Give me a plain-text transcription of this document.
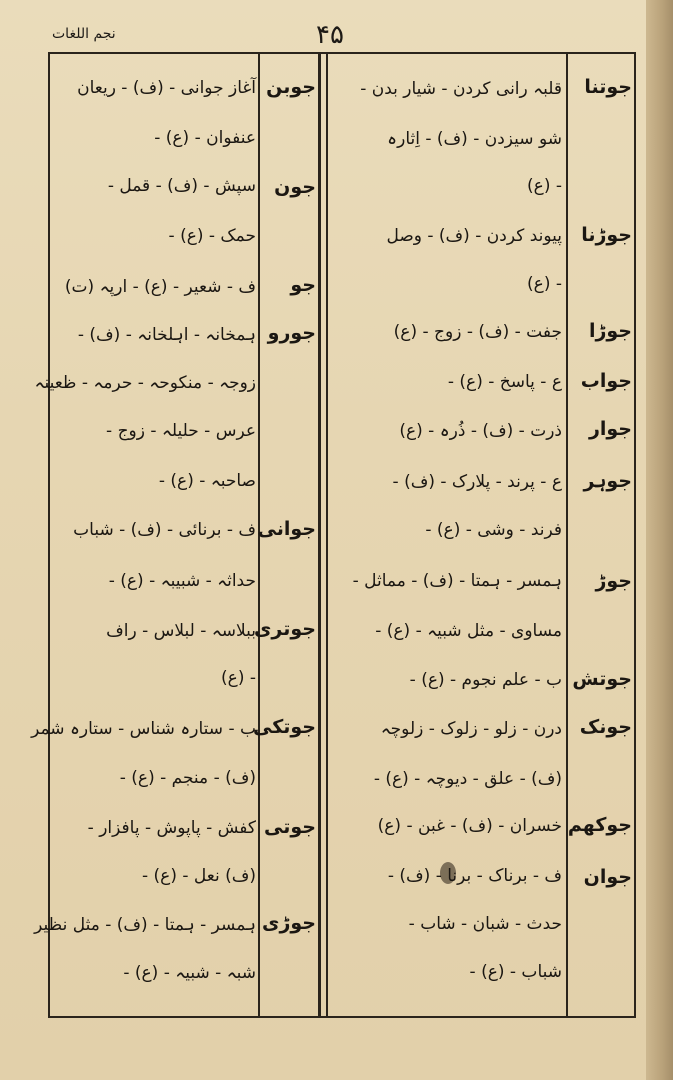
نجم اللغات	۴۵
جوتنا
قلبہ رانی کردن - شیار بدن -
شو سیزدن - (ف) - اِثارہ
- (ع)
جوڑنا
پیوند کردن - (ف) - وصل
- (ع)
جوڑا
جفت - (ف) - زوج - (ع)
جواب
ع - پاسخ - (ع) -
جوار
ذرت - (ف) - ذُرہ - (ع)
جوہر
ع - پرند - پلارک - (ف) -
فرند - وشی - (ع) -
جوڑ
ہمسر - ہمتا - (ف) - مماثل -
مساوی - مثل شبیہ - (ع) -
جوتش
ب - علم نجوم - (ع) -
جونک
درن - زلو - زلوک - زلوچہ
(ف) - علق - دیوچہ - (ع) -
جوکھم
خسران - (ف) - غبن - (ع)
جوان
ف - برناک - برنا - (ف) -
حدث - شبان - شاب -
شباب - (ع) -
جوبن
آغاز جوانی - (ف) - ریعان
عنفوان - (ع) -
جون
سپش - (ف) - قمل -
حمک - (ع) -
جو
ف - شعیر - (ع) - ارپہ (ت)
جورو
ہمخانہ - اہلخانہ - (ف) -
زوجہ - منکوحہ - حرمہ - ظعینہ
عرس - حلیلہ - زوج -
صاحبہ - (ع) -
جوانی
ف - برنائی - (ف) - شباب
حداثہ - شبیبہ - (ع) -
جوتری
ببلاسہ - لبلاس - راف
- (ع)
جوتکی
ب - ستارہ شناس - ستارہ شمر
(ف) - منجم - (ع) -
جوتی
کفش - پاپوش - پافزار -
(ف) نعل - (ع) -
جوڑی
ہمسر - ہمتا - (ف) - مثل نظیر
شبہ - شبیہ - (ع) -
